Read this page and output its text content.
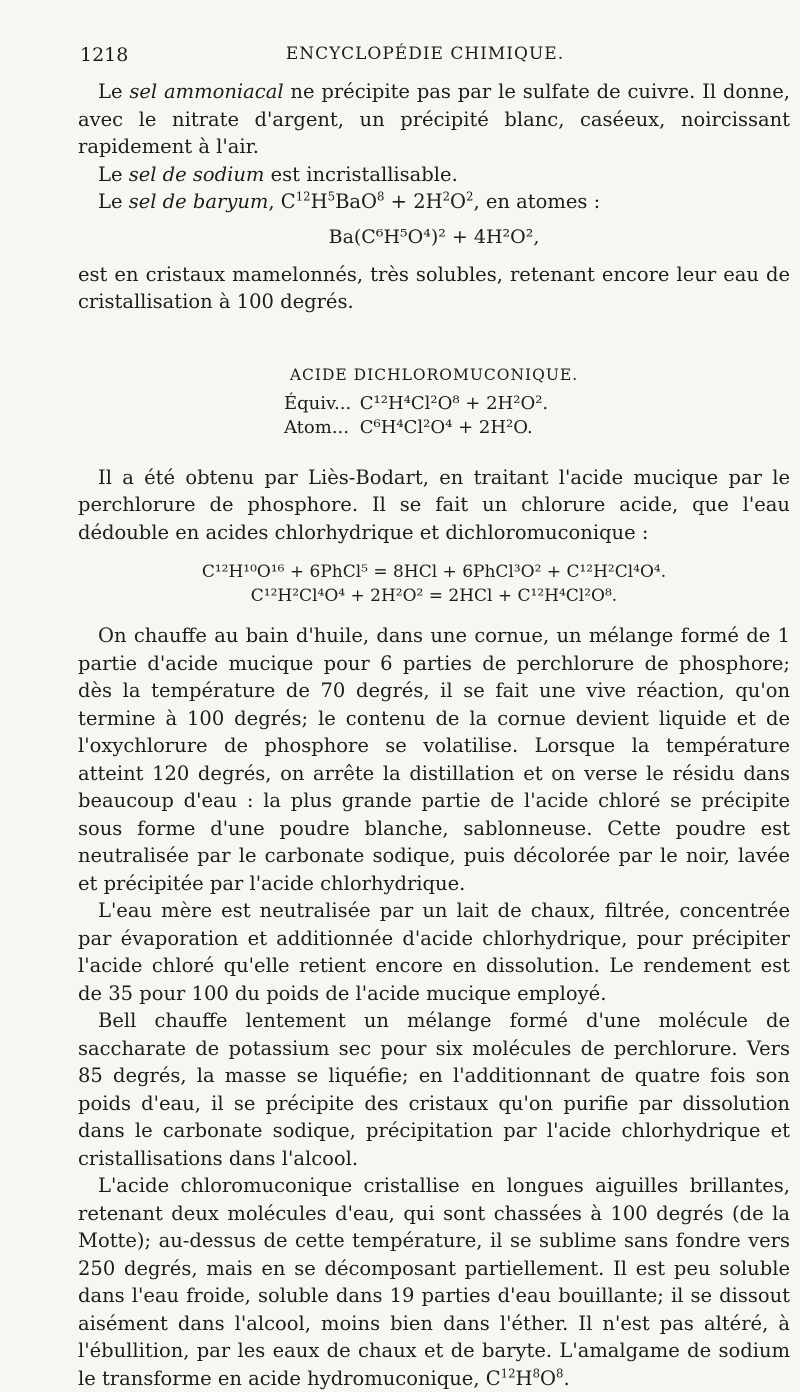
1218	ENCYCLOPÉDIE CHIMIQUE.

Le sel ammoniacal ne précipite pas par le sulfate de cuivre. Il donne, avec le nitrate d'argent, un précipité blanc, caséeux, noircissant rapidement à l'air.

Le sel de sodium est incristallisable.

Le sel de baryum, $C^{12}H^5BaO^8 + 2H^2O^2$, en atomes :

Ba(C⁶H⁵O⁴)² + 4H²O²,

est en cristaux mamelonnés, très solubles, retenant encore leur eau de cristallisation à 100 degrés.

ACIDE DICHLOROMUCONIQUE.
Équiv... C¹²H⁴Cl²O⁸ + 2H²O².
Atom... C⁶H⁴Cl²O⁴ + 2H²O.

Il a été obtenu par Liès-Bodart, en traitant l'acide mucique par le perchlorure de phosphore. Il se fait un chlorure acide, que l'eau dédouble en acides chlorhydrique et dichloromuconique :

C¹²H¹⁰O¹⁶ + 6PhCl⁵ = 8HCl + 6PhCl³O² + C¹²H²Cl⁴O⁴.
C¹²H²Cl⁴O⁴ + 2H²O² = 2HCl + C¹²H⁴Cl²O⁸.

On chauffe au bain d'huile, dans une cornue, un mélange formé de 1 partie d'acide mucique pour 6 parties de perchlorure de phosphore; dès la température de 70 degrés, il se fait une vive réaction, qu'on termine à 100 degrés; le contenu de la cornue devient liquide et de l'oxychlorure de phosphore se volatilise. Lorsque la température atteint 120 degrés, on arrête la distillation et on verse le résidu dans beaucoup d'eau : la plus grande partie de l'acide chloré se précipite sous forme d'une poudre blanche, sablonneuse. Cette poudre est neutralisée par le carbonate sodique, puis décolorée par le noir, lavée et précipitée par l'acide chlorhydrique.

L'eau mère est neutralisée par un lait de chaux, filtrée, concentrée par évaporation et additionnée d'acide chlorhydrique, pour précipiter l'acide chloré qu'elle retient encore en dissolution. Le rendement est de 35 pour 100 du poids de l'acide mucique employé.

Bell chauffe lentement un mélange formé d'une molécule de saccharate de potassium sec pour six molécules de perchlorure. Vers 85 degrés, la masse se liquéfie; en l'additionnant de quatre fois son poids d'eau, il se précipite des cristaux qu'on purifie par dissolution dans le carbonate sodique, précipitation par l'acide chlorhydrique et cristallisations dans l'alcool.

L'acide chloromuconique cristallise en longues aiguilles brillantes, retenant deux molécules d'eau, qui sont chassées à 100 degrés (de la Motte); au-dessus de cette température, il se sublime sans fondre vers 250 degrés, mais en se décomposant partiellement. Il est peu soluble dans l'eau froide, soluble dans 19 parties d'eau bouillante; il se dissout aisément dans l'alcool, moins bien dans l'éther. Il n'est pas altéré, à l'ébullition, par les eaux de chaux et de baryte. L'amalgame de sodium le transforme en acide hydromuconique, $C^{12}H^8O^8$.
